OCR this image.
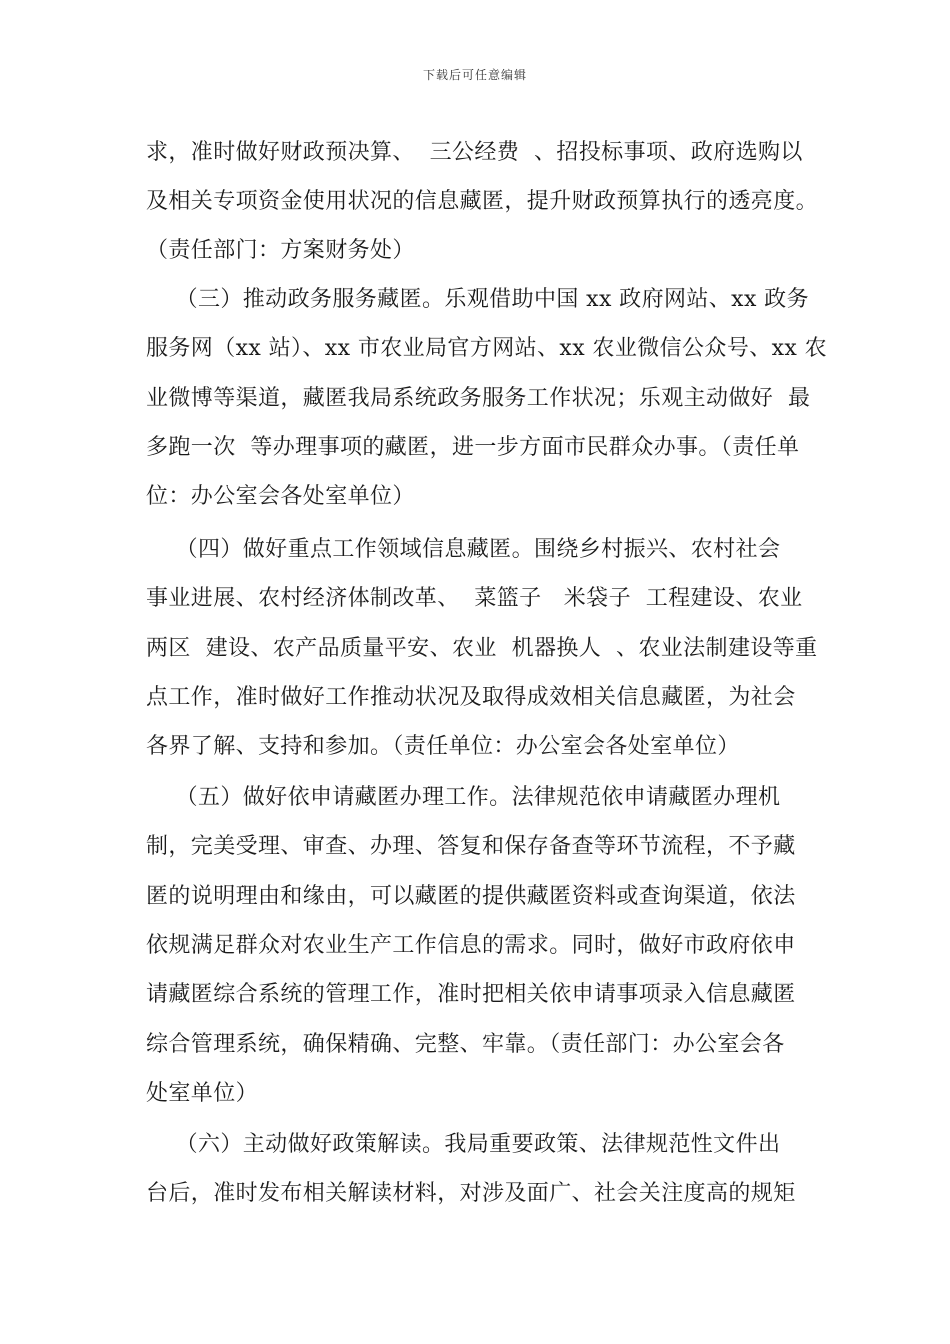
下载后可任意编辑
求，准时做好财政预决算、  三公经费  、招投标事项、政府选购以
及相关专项资金使用状况的信息藏匿，提升财政预算执行的透亮度。
（责任部门：方案财务处）
（三）推动政务服务藏匿。乐观借助中国 xx 政府网站、xx 政务
服务网（xx 站）、xx 市农业局官方网站、xx 农业微信公众号、xx 农
业微博等渠道，藏匿我局系统政务服务工作状况；乐观主动做好  最
多跑一次  等办理事项的藏匿，进一步方面市民群众办事。（责任单
位：办公室会各处室单位）
（四）做好重点工作领域信息藏匿。围绕乡村振兴、农村社会
事业进展、农村经济体制改革、  菜篮子   米袋子  工程建设、农业
两区  建设、农产品质量平安、农业  机器换人  、农业法制建设等重
点工作，准时做好工作推动状况及取得成效相关信息藏匿，为社会
各界了解、支持和参加。（责任单位：办公室会各处室单位）
（五）做好依申请藏匿办理工作。法律规范依申请藏匿办理机
制，完美受理、审查、办理、答复和保存备查等环节流程，不予藏
匿的说明理由和缘由，可以藏匿的提供藏匿资料或查询渠道，依法
依规满足群众对农业生产工作信息的需求。同时，做好市政府依申
请藏匿综合系统的管理工作，准时把相关依申请事项录入信息藏匿
综合管理系统，确保精确、完整、牢靠。（责任部门：办公室会各
处室单位）
（六）主动做好政策解读。我局重要政策、法律规范性文件出
台后，准时发布相关解读材料，对涉及面广、社会关注度高的规矩
